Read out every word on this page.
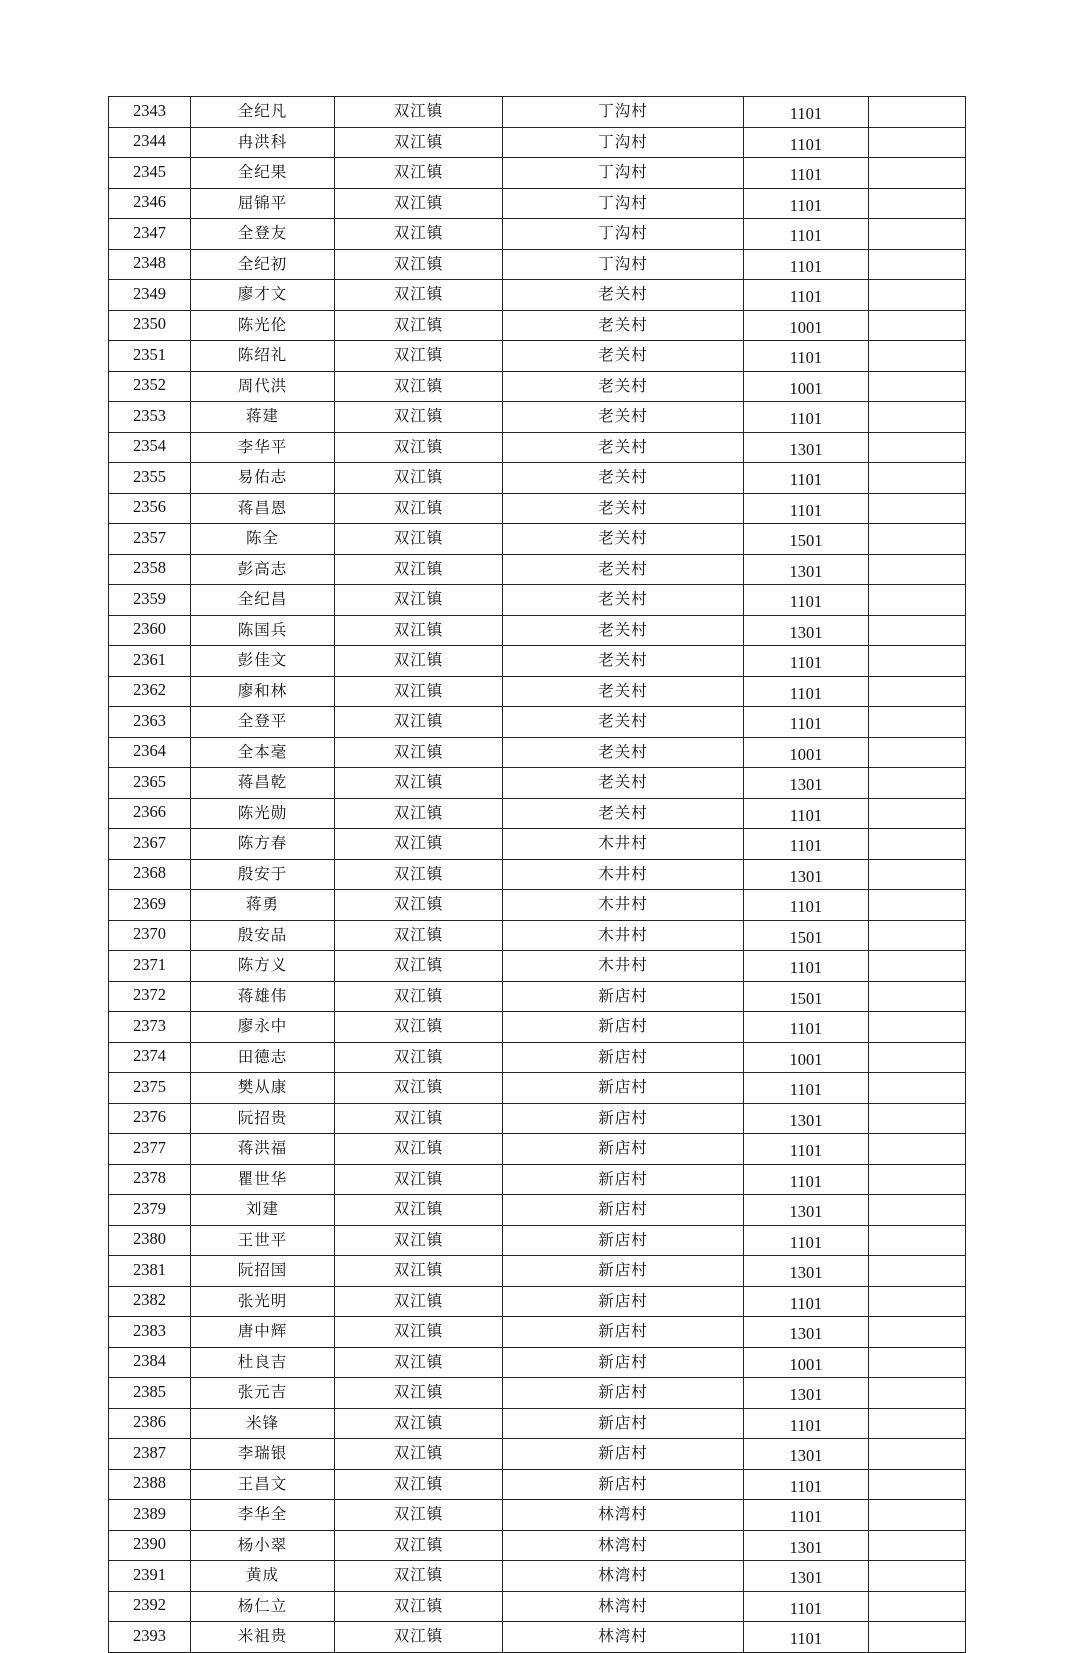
2343	全纪凡	双江镇	丁沟村	1101	
2344	冉洪科	双江镇	丁沟村	1101	
2345	全纪果	双江镇	丁沟村	1101	
2346	屈锦平	双江镇	丁沟村	1101	
2347	全登友	双江镇	丁沟村	1101	
2348	全纪初	双江镇	丁沟村	1101	
2349	廖才文	双江镇	老关村	1101	
2350	陈光伦	双江镇	老关村	1001	
2351	陈绍礼	双江镇	老关村	1101	
2352	周代洪	双江镇	老关村	1001	
2353	蒋建	双江镇	老关村	1101	
2354	李华平	双江镇	老关村	1301	
2355	易佑志	双江镇	老关村	1101	
2356	蒋昌恩	双江镇	老关村	1101	
2357	陈全	双江镇	老关村	1501	
2358	彭高志	双江镇	老关村	1301	
2359	全纪昌	双江镇	老关村	1101	
2360	陈国兵	双江镇	老关村	1301	
2361	彭佳文	双江镇	老关村	1101	
2362	廖和林	双江镇	老关村	1101	
2363	全登平	双江镇	老关村	1101	
2364	全本毫	双江镇	老关村	1001	
2365	蒋昌乾	双江镇	老关村	1301	
2366	陈光勋	双江镇	老关村	1101	
2367	陈方春	双江镇	木井村	1101	
2368	殷安于	双江镇	木井村	1301	
2369	蒋勇	双江镇	木井村	1101	
2370	殷安品	双江镇	木井村	1501	
2371	陈方义	双江镇	木井村	1101	
2372	蒋雄伟	双江镇	新店村	1501	
2373	廖永中	双江镇	新店村	1101	
2374	田德志	双江镇	新店村	1001	
2375	樊从康	双江镇	新店村	1101	
2376	阮招贵	双江镇	新店村	1301	
2377	蒋洪福	双江镇	新店村	1101	
2378	瞿世华	双江镇	新店村	1101	
2379	刘建	双江镇	新店村	1301	
2380	王世平	双江镇	新店村	1101	
2381	阮招国	双江镇	新店村	1301	
2382	张光明	双江镇	新店村	1101	
2383	唐中辉	双江镇	新店村	1301	
2384	杜良吉	双江镇	新店村	1001	
2385	张元吉	双江镇	新店村	1301	
2386	米锋	双江镇	新店村	1101	
2387	李瑞银	双江镇	新店村	1301	
2388	王昌文	双江镇	新店村	1101	
2389	李华全	双江镇	林湾村	1101	
2390	杨小翠	双江镇	林湾村	1301	
2391	黄成	双江镇	林湾村	1301	
2392	杨仁立	双江镇	林湾村	1101	
2393	米祖贵	双江镇	林湾村	1101	
